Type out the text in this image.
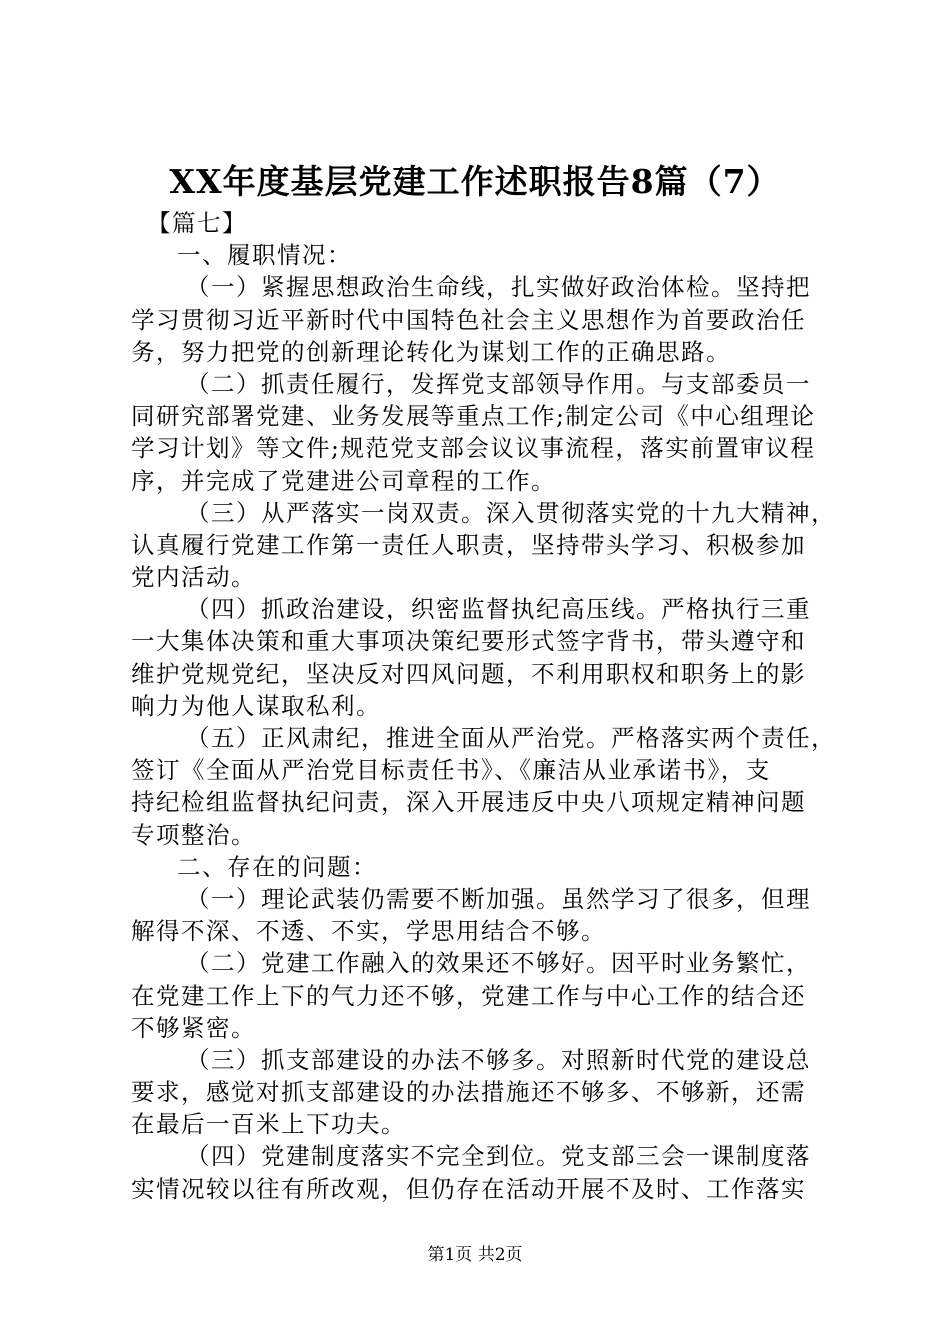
XX年度基层党建工作述职报告8篇（7）
【篇七】
一、履职情况：
（一）紧握思想政治生命线，扎实做好政治体检。坚持把
学习贯彻习近平新时代中国特色社会主义思想作为首要政治任
务，努力把党的创新理论转化为谋划工作的正确思路。
（二）抓责任履行，发挥党支部领导作用。与支部委员一
同研究部署党建、业务发展等重点工作;制定公司《中心组理论
学习计划》等文件;规范党支部会议议事流程，落实前置审议程
序，并完成了党建进公司章程的工作。
（三）从严落实一岗双责。深入贯彻落实党的十九大精神，
认真履行党建工作第一责任人职责，坚持带头学习、积极参加
党内活动。
（四）抓政治建设，织密监督执纪高压线。严格执行三重
一大集体决策和重大事项决策纪要形式签字背书，带头遵守和
维护党规党纪，坚决反对四风问题，不利用职权和职务上的影
响力为他人谋取私利。
（五）正风肃纪，推进全面从严治党。严格落实两个责任，
签订《全面从严治党目标责任书》、《廉洁从业承诺书》，支
持纪检组监督执纪问责，深入开展违反中央八项规定精神问题
专项整治。
二、存在的问题：
（一）理论武装仍需要不断加强。虽然学习了很多，但理
解得不深、不透、不实，学思用结合不够。
（二）党建工作融入的效果还不够好。因平时业务繁忙，
在党建工作上下的气力还不够，党建工作与中心工作的结合还
不够紧密。
（三）抓支部建设的办法不够多。对照新时代党的建设总
要求，感觉对抓支部建设的办法措施还不够多、不够新，还需
在最后一百米上下功夫。
（四）党建制度落实不完全到位。党支部三会一课制度落
实情况较以往有所改观，但仍存在活动开展不及时、工作落实
第1页 共2页
